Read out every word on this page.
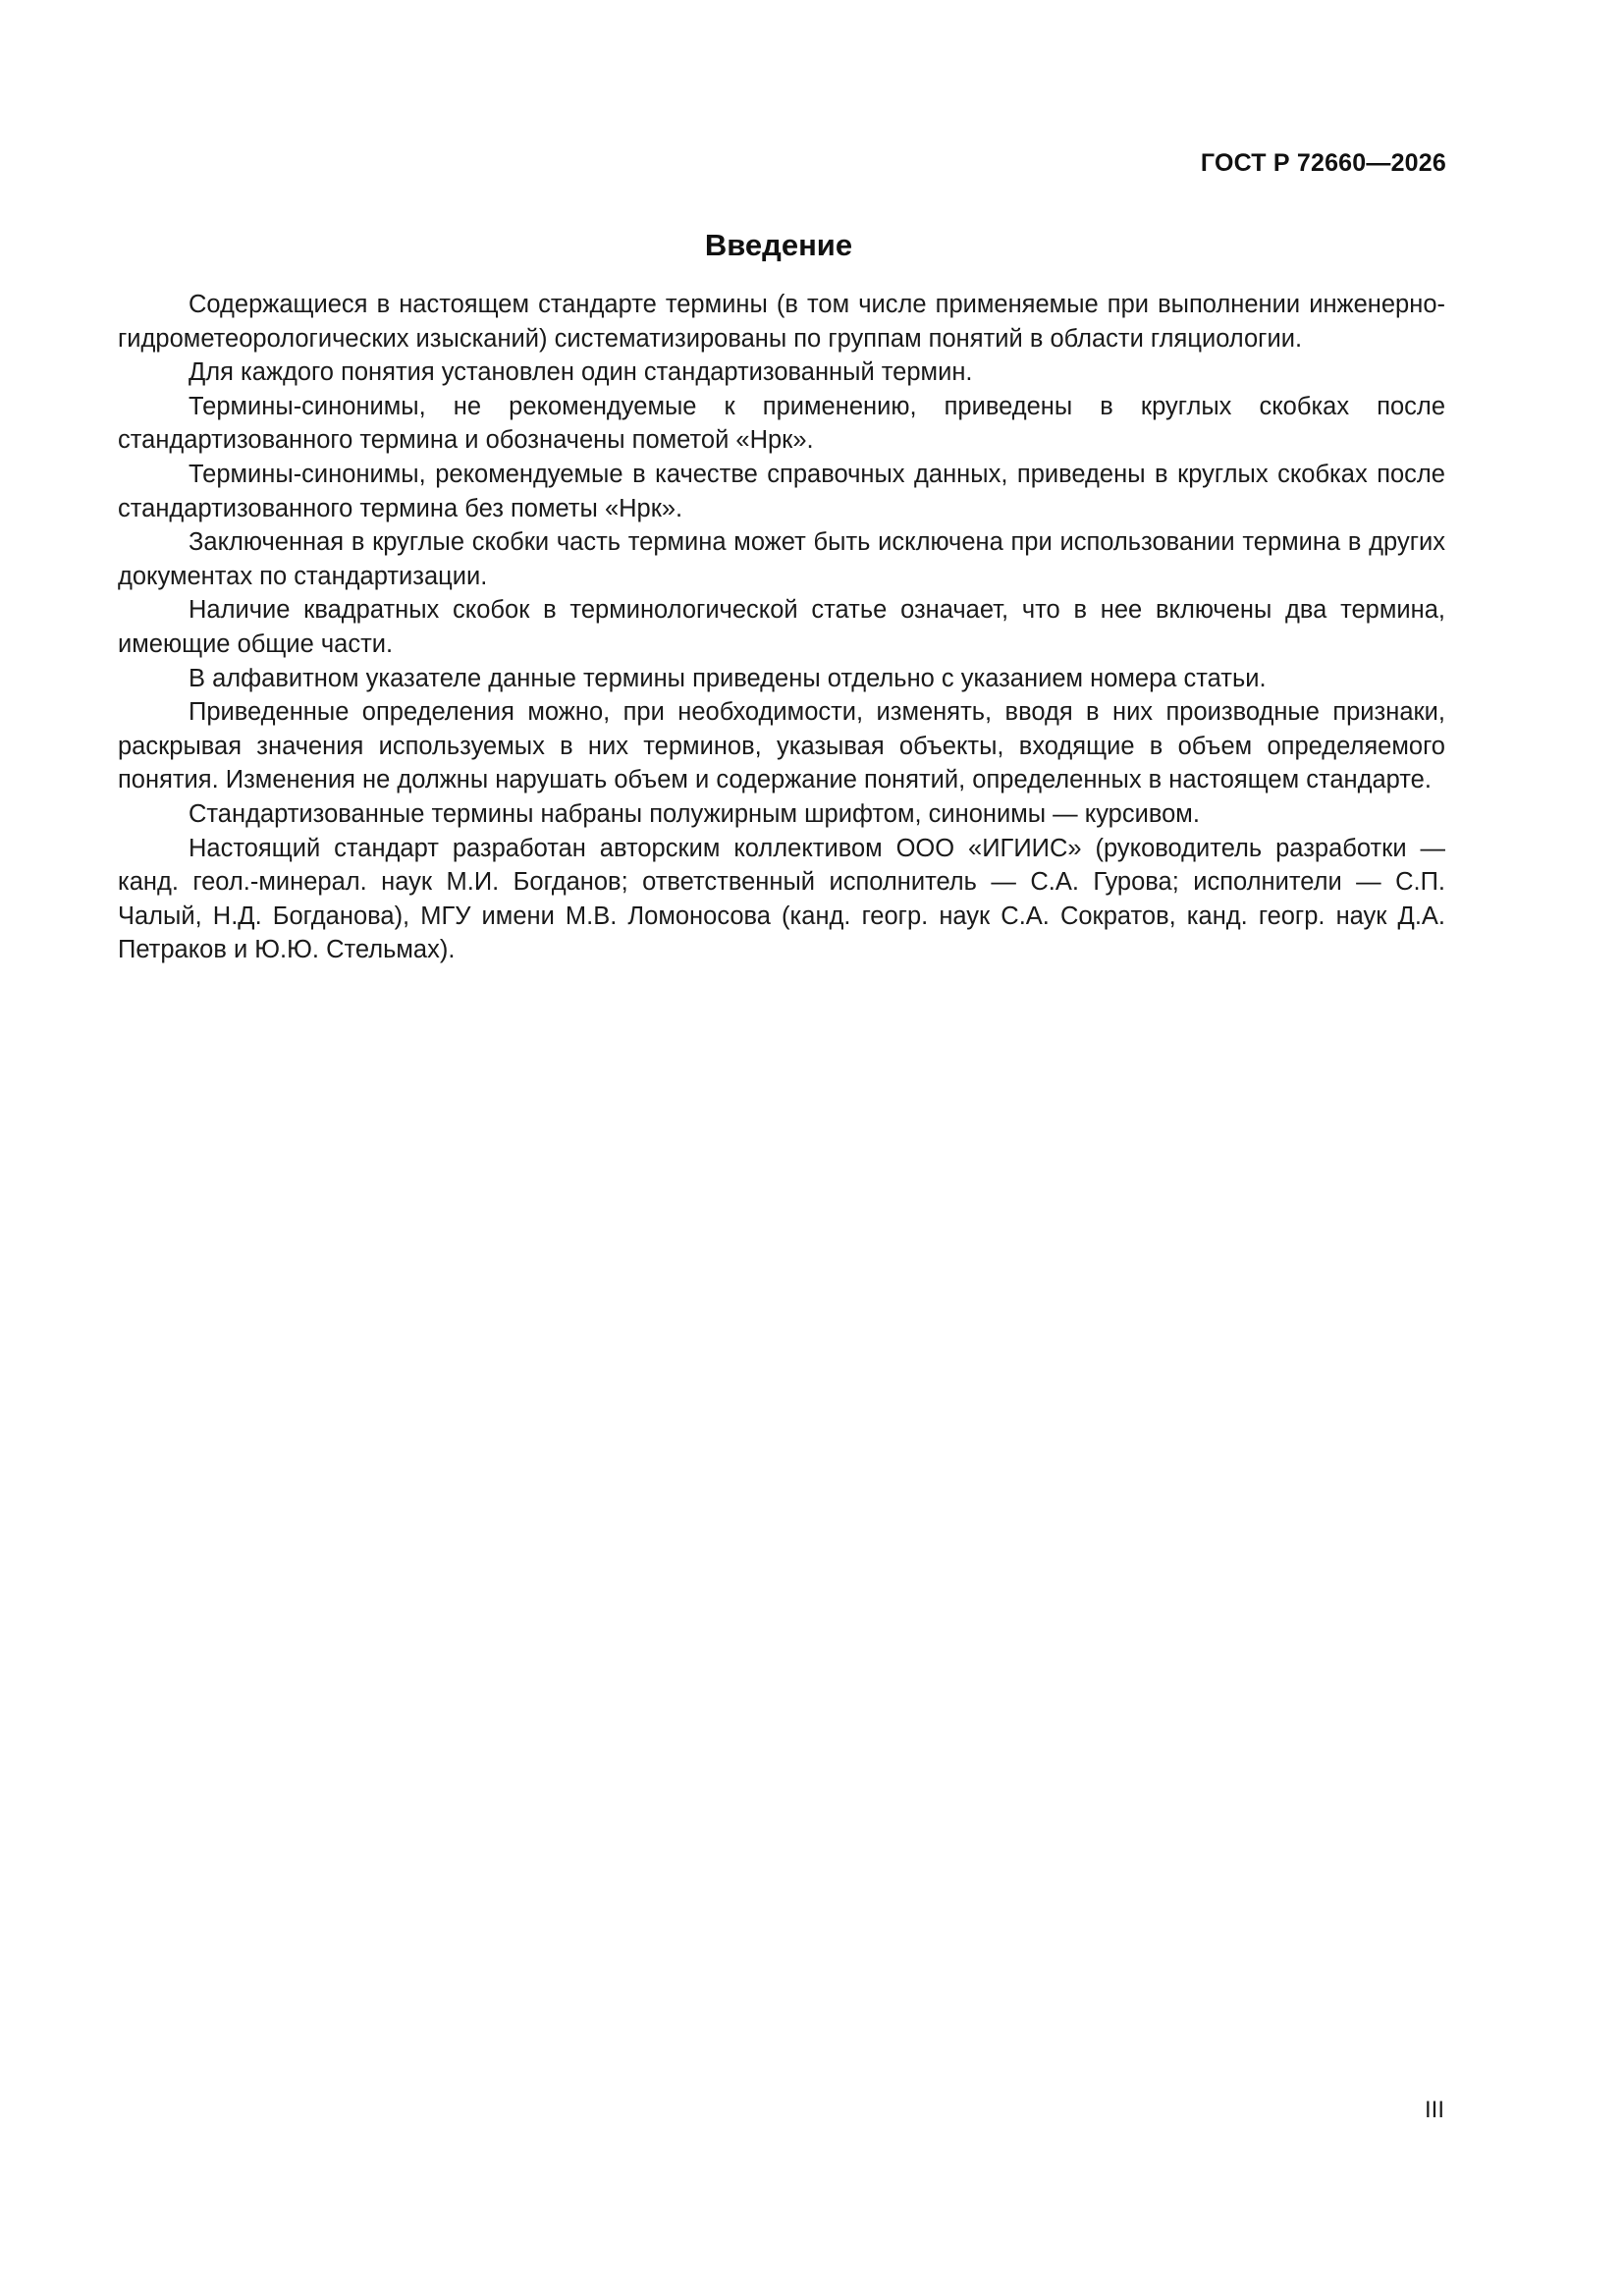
ГОСТ Р 72660—2026
Введение

Содержащиеся в настоящем стандарте термины (в том числе применяемые при выполнении инженерно-гидрометеорологических изысканий) систематизированы по группам понятий в области гляциологии.

Для каждого понятия установлен один стандартизованный термин.

Термины-синонимы, не рекомендуемые к применению, приведены в круглых скобках после стандартизованного термина и обозначены пометой «Нрк».

Термины-синонимы, рекомендуемые в качестве справочных данных, приведены в круглых скобках после стандартизованного термина без пометы «Нрк».

Заключенная в круглые скобки часть термина может быть исключена при использовании термина в других документах по стандартизации.

Наличие квадратных скобок в терминологической статье означает, что в нее включены два термина, имеющие общие части.

В алфавитном указателе данные термины приведены отдельно с указанием номера статьи.

Приведенные определения можно, при необходимости, изменять, вводя в них производные признаки, раскрывая значения используемых в них терминов, указывая объекты, входящие в объем определяемого понятия. Изменения не должны нарушать объем и содержание понятий, определенных в настоящем стандарте.

Стандартизованные термины набраны полужирным шрифтом, синонимы — курсивом.

Настоящий стандарт разработан авторским коллективом ООО «ИГИИС» (руководитель разработки — канд. геол.-минерал. наук М.И. Богданов; ответственный исполнитель — С.А. Гурова; исполнители — С.П. Чалый, Н.Д. Богданова), МГУ имени М.В. Ломоносова (канд. геогр. наук С.А. Сократов, канд. геогр. наук Д.А. Петраков и Ю.Ю. Стельмах).

III
